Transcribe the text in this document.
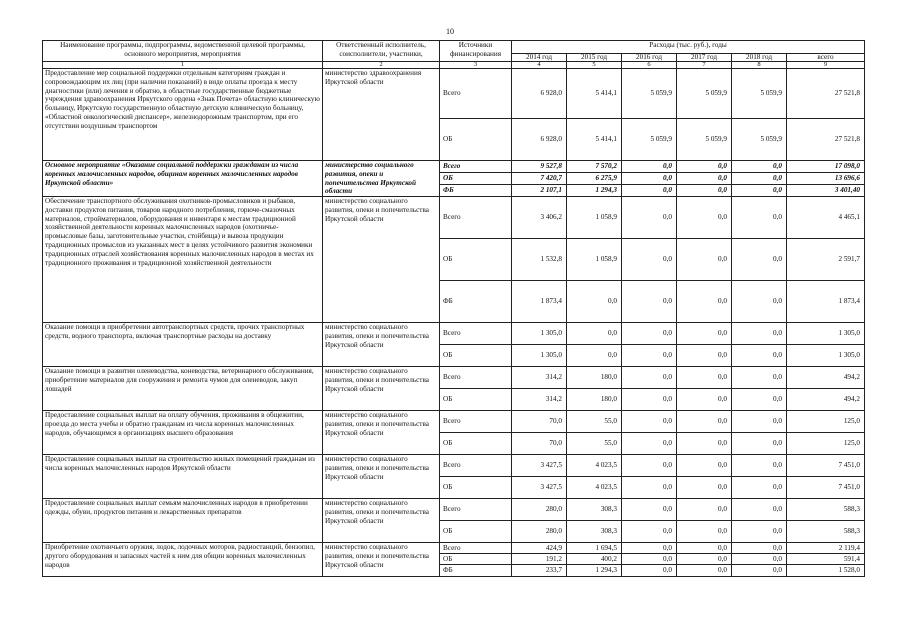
10
Наименование программы, подпрограммы, ведомственной целевой программы, основного мероприятия, мероприятия	Ответственный исполнитель, соисполнители, участники,	Источники финансирования	Расходы (тыс. руб.), годы					
			2014 год	2015 год	2016 год	2017 год	2018 год	всего
1	2	3	4	5	6	7	8	9
Предоставление мер социальной поддержки отдельным категориям граждан и сопровождающим их лиц (при наличии показаний) в виде оплаты проезда к месту диагностики (или) лечения и обратно, в областные государственные бюджетные учреждения здравоохранения Иркутского ордена «Знак Почета» областную клиническую больницу, Иркутскую государственную областную детскую клиническую больницу, «Областной онкологический диспансер», железнодорожным транспортом, при его отсутствии воздушным транспортом	министерство здравоохранения Иркутской области	Всего	6 928,0	5 414,1	5 059,9	5 059,9	5 059,9	27 521,8
		ОБ	6 928,0	5 414,1	5 059,9	5 059,9	5 059,9	27 521,8
Основное мероприятие «Оказание социальной поддержки гражданам из числа коренных малочисленных народов, общинам коренных малочисленных народов Иркутской области»	министерство социального развития, опеки и попечительства Иркутской области	Всего	9 527,8	7 570,2	0,0	0,0	0,0	17 098,0
		ОБ	7 420,7	6 275,9	0,0	0,0	0,0	13 696,6
		ФБ	2 107,1	1 294,3	0,0	0,0	0,0	3 401,40
Обеспечение транспортного обслуживания охотников-промысловиков и рыбаков, доставки продуктов питания, товаров народного потребления, горюче-смазочных материалов, стройматериалов, оборудования и инвентаря к местам традиционной хозяйственной деятельности коренных малочисленных народов (охотничье-промысловые базы, заготовительные участки, стойбища) и вывоза продукции традиционных промыслов из указанных мест в целях устойчивого развития экономики традиционных отраслей хозяйствования коренных малочисленных народов в местах их традиционного проживания и традиционной хозяйственной деятельности	министерство социального развития, опеки и попечительства Иркутской области	Всего	3 406,2	1 058,9	0,0	0,0	0,0	4 465,1
		ОБ	1 532,8	1 058,9	0,0	0,0	0,0	2 591,7
		ФБ	1 873,4	0,0	0,0	0,0	0,0	1 873,4
Оказание помощи в приобретении автотранспортных средств, прочих транспортных средств, водного транспорта, включая транспортные расходы на доставку	министерство социального развития, опеки и попечительства Иркутской области	Всего	1 305,0	0,0	0,0	0,0	0,0	1 305,0
		ОБ	1 305,0	0,0	0,0	0,0	0,0	1 305,0
Оказание помощи в развитии оленеводства, коневодства, ветеринарного обслуживания, приобретение материалов для сооружения и ремонта чумов для оленеводов, закуп лошадей	министерство социального развития, опеки и попечительства Иркутской области	Всего	314,2	180,0	0,0	0,0	0,0	494,2
		ОБ	314,2	180,0	0,0	0,0	0,0	494,2
Предоставление социальных выплат на оплату обучения, проживания в общежитии, проезда до места учебы и обратно гражданам из числа коренных малочисленных народов, обучающимся в организациях высшего образования	министерство социального развития, опеки и попечительства Иркутской области	Всего	70,0	55,0	0,0	0,0	0,0	125,0
		ОБ	70,0	55,0	0,0	0,0	0,0	125,0
Предоставление социальных выплат на строительство жилых помещений гражданам из числа коренных малочисленных народов Иркутской области	министерство социального развития, опеки и попечительства Иркутской области	Всего	3 427,5	4 023,5	0,0	0,0	0,0	7 451,0
		ОБ	3 427,5	4 023,5	0,0	0,0	0,0	7 451,0
Предоставление социальных выплат семьям малочисленных народов в приобретении одежды, обуви, продуктов питания и лекарственных препаратов	министерство социального развития, опеки и попечительства Иркутской области	Всего	280,0	308,3	0,0	0,0	0,0	588,3
		ОБ	280,0	308,3	0,0	0,0	0,0	588,3
Приобретение охотничьего оружия, лодок, лодочных моторов, радиостанций, бензопил, другого оборудования и запасных частей к ним для общин коренных малочисленных народов	министерство социального развития, опеки и попечительства Иркутской области	Всего	424,9	1 694,5	0,0	0,0	0,0	2 119,4
		ОБ	191,2	400,2	0,0	0,0	0,0	591,4
		ФБ	233,7	1 294,3	0,0	0,0	0,0	1 528,0
